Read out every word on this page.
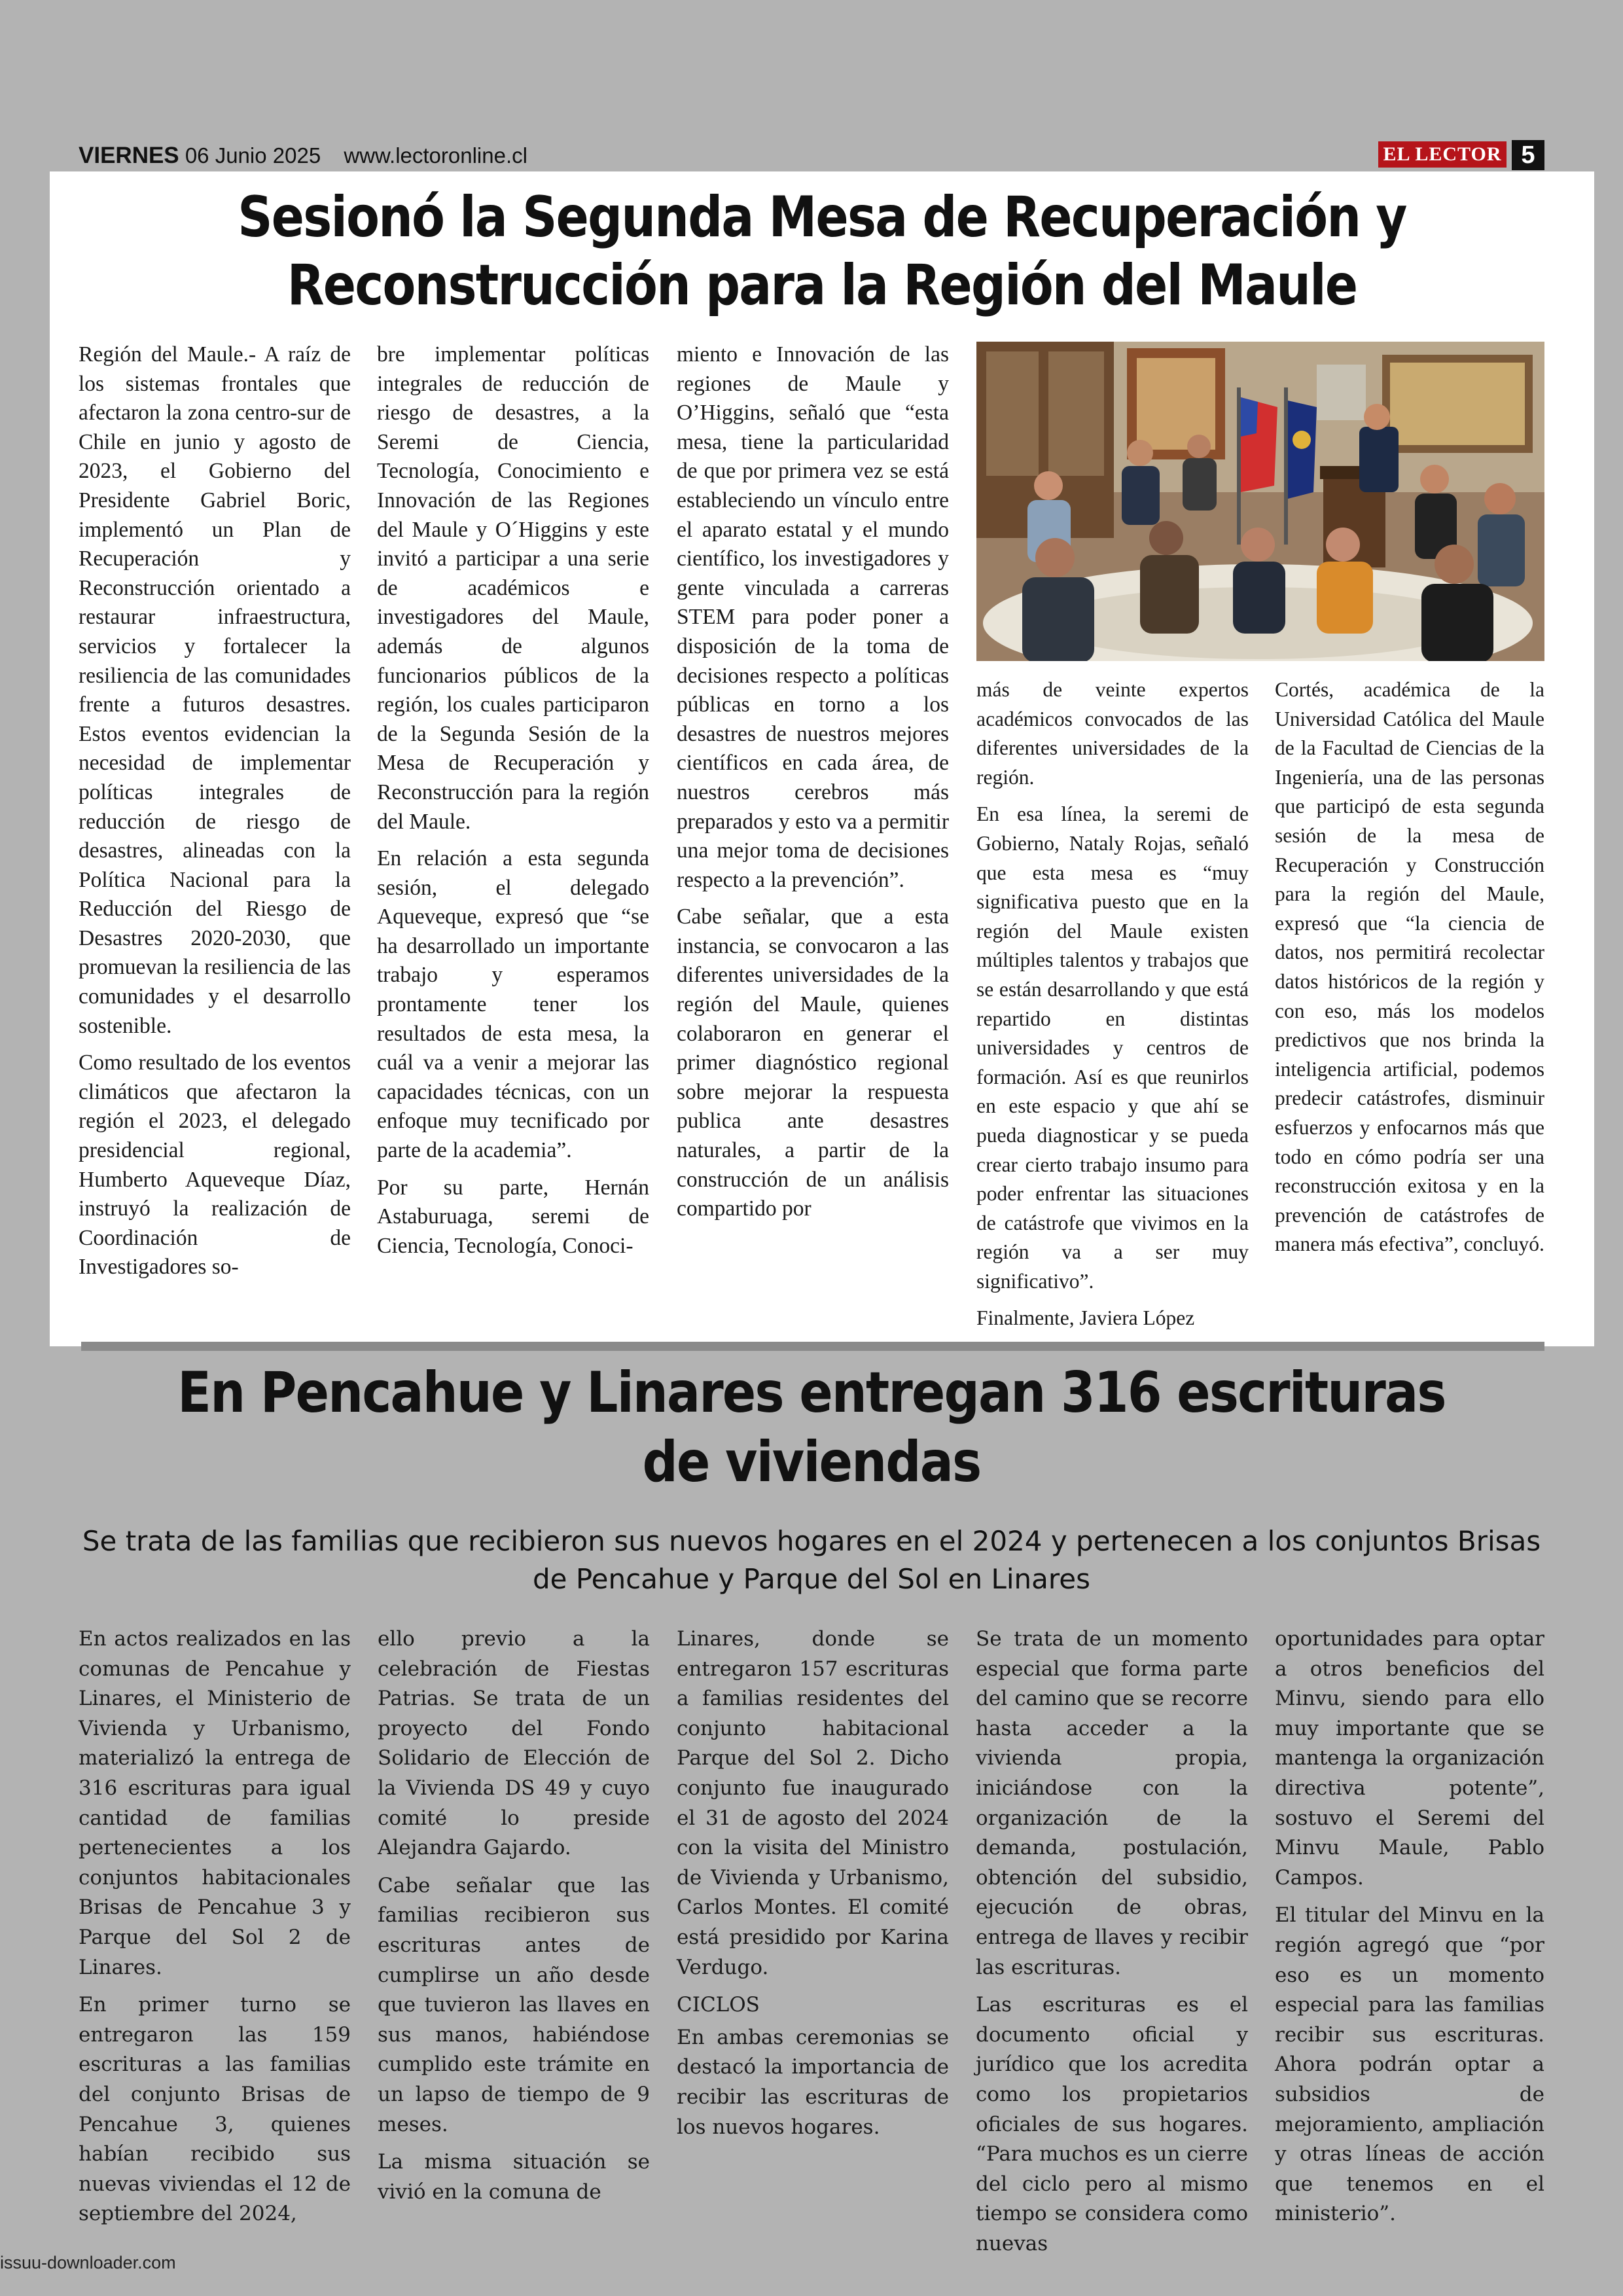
VIERNES 06 Junio 2025 www.lectoronline.cl	EL LECTOR 5
Sesionó la Segunda Mesa de Recuperación y
Reconstrucción para la Región del Maule

Región del Maule.- A raíz de los sistemas frontales que afectaron la zona centro-sur de Chile en junio y agosto de 2023, el Gobierno del Presidente Gabriel Boric, implementó un Plan de Recuperación y Reconstrucción orientado a restaurar infraestructura, servicios y fortalecer la resiliencia de las comunidades frente a futuros desastres. Estos eventos evidencian la necesidad de implementar políticas integrales de reducción de riesgo de desastres, alineadas con la Política Nacional para la Reducción del Riesgo de Desastres 2020-2030, que promuevan la resiliencia de las comunidades y el desarrollo sostenible.

Como resultado de los eventos climáticos que afectaron la región el 2023, el delegado presidencial regional, Humberto Aqueveque Díaz, instruyó la realización de Coordinación de Investigadores so-

bre implementar políticas integrales de reducción de riesgo de desastres, a la Seremi de Ciencia, Tecnología, Conocimiento e Innovación de las Regiones del Maule y O´Higgins y este invitó a participar a una serie de académicos e investigadores del Maule, además de algunos funcionarios públicos de la región, los cuales participaron de la Segunda Sesión de la Mesa de Recuperación y Reconstrucción para la región del Maule.

En relación a esta segunda sesión, el delegado Aqueveque, expresó que “se ha desarrollado un importante trabajo y esperamos prontamente tener los resultados de esta mesa, la cuál va a venir a mejorar las capacidades técnicas, con un enfoque muy tecnificado por parte de la academia”.

Por su parte, Hernán Astaburuaga, seremi de Ciencia, Tecnología, Conoci-

miento e Innovación de las regiones de Maule y O’Higgins, señaló que “esta mesa, tiene la particularidad de que por primera vez se está estableciendo un vínculo entre el aparato estatal y el mundo científico, los investigadores y gente vinculada a carreras STEM para poder poner a disposición de la toma de decisiones respecto a políticas públicas en torno a los desastres de nuestros mejores científicos en cada área, de nuestros cerebros más preparados y esto va a permitir una mejor toma de decisiones respecto a la prevención”.

Cabe señalar, que a esta instancia, se convocaron a las diferentes universidades de la región del Maule, quienes colaboraron en generar el primer diagnóstico regional sobre mejorar la respuesta publica ante desastres naturales, a partir de la construcción de un análisis compartido por

más de veinte expertos académicos convocados de las diferentes universidades de la región.

En esa línea, la seremi de Gobierno, Nataly Rojas, señaló que esta mesa es “muy significativa puesto que en la región del Maule existen múltiples talentos y trabajos que se están desarrollando y que está repartido en distintas universidades y centros de formación. Así es que reunirlos en este espacio y que ahí se pueda diagnosticar y se pueda crear cierto trabajo insumo para poder enfrentar las situaciones de catástrofe que vivimos en la región va a ser muy significativo”.

Finalmente, Javiera López

Cortés, académica de la Universidad Católica del Maule de la Facultad de Ciencias de la Ingeniería, una de las personas que participó de esta segunda sesión de la mesa de Recuperación y Construcción para la región del Maule, expresó que “la ciencia de datos, nos permitirá recolectar datos históricos de la región y con eso, más los modelos predictivos que nos brinda la inteligencia artificial, podemos predecir catástrofes, disminuir esfuerzos y enfocarnos más que todo en cómo podría ser una reconstrucción exitosa y en la prevención de catástrofes de manera más efectiva”, concluyó.

En Pencahue y Linares entregan 316 escrituras
de viviendas
Se trata de las familias que recibieron sus nuevos hogares en el 2024 y pertenecen a los conjuntos Brisas
de Pencahue y Parque del Sol en Linares

En actos realizados en las comunas de Pencahue y Linares, el Ministerio de Vivienda y Urbanismo, materializó la entrega de 316 escrituras para igual cantidad de familias pertenecientes a los conjuntos habitacionales Brisas de Pencahue 3 y Parque del Sol 2 de Linares.

En primer turno se entregaron las 159 escrituras a las familias del conjunto Brisas de Pencahue 3, quienes habían recibido sus nuevas viviendas el 12 de septiembre del 2024,

ello previo a la celebración de Fiestas Patrias. Se trata de un proyecto del Fondo Solidario de Elección de la Vivienda DS 49 y cuyo comité lo preside Alejandra Gajardo.

Cabe señalar que las familias recibieron sus escrituras antes de cumplirse un año desde que tuvieron las llaves en sus manos, habiéndose cumplido este trámite en un lapso de tiempo de 9 meses.

La misma situación se vivió en la comuna de

Linares, donde se entregaron 157 escrituras a familias residentes del conjunto habitacional Parque del Sol 2. Dicho conjunto fue inaugurado el 31 de agosto del 2024 con la visita del Ministro de Vivienda y Urbanismo, Carlos Montes. El comité está presidido por Karina Verdugo.

CICLOS

En ambas ceremonias se destacó la importancia de recibir las escrituras de los nuevos hogares.

Se trata de un momento especial que forma parte del camino que se recorre hasta acceder a la vivienda propia, iniciándose con la organización de la demanda, postulación, obtención del subsidio, ejecución de obras, entrega de llaves y recibir las escrituras.

Las escrituras es el documento oficial y jurídico que los acredita como los propietarios oficiales de sus hogares. “Para muchos es un cierre del ciclo pero al mismo tiempo se considera como nuevas

oportunidades para optar a otros beneficios del Minvu, siendo para ello muy importante que se mantenga la organización directiva potente”, sostuvo el Seremi del Minvu Maule, Pablo Campos.

El titular del Minvu en la región agregó que “por eso es un momento especial para las familias recibir sus escrituras. Ahora podrán optar a subsidios de mejoramiento, ampliación y otras líneas de acción que tenemos en el ministerio”.

issuu-downloader.com
